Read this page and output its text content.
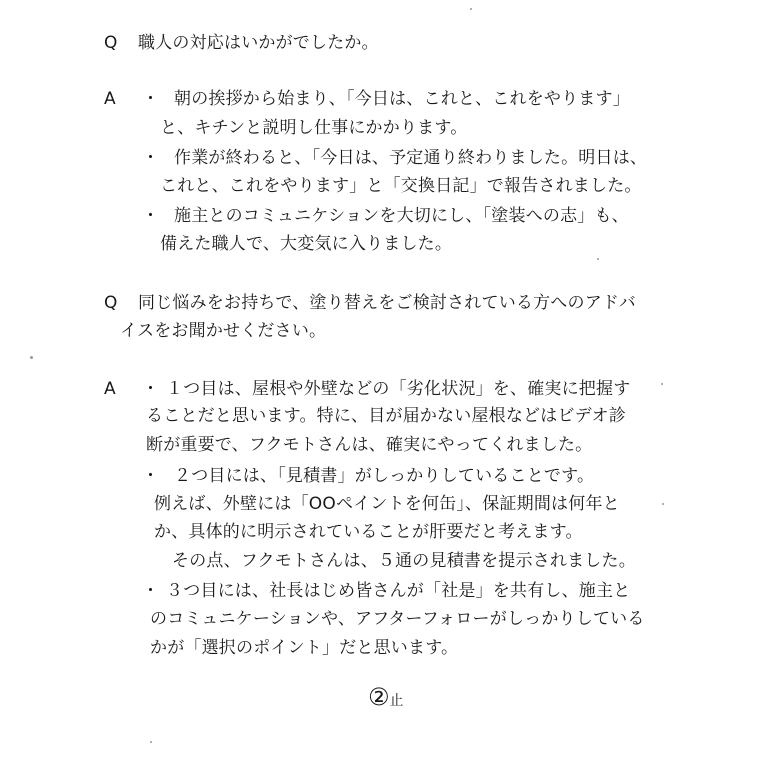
Q 職人の対応はいかがでしたか。
A ・ 朝の挨拶から始まり、「今日は、これと、これをやります」
と、キチンと説明し仕事にかかります。
・ 作業が終わると、「今日は、予定通り終わりました。明日は、
これと、これをやります」と「交換日記」で報告されました。
・ 施主とのコミュニケションを大切にし、「塗装への志」も、
備えた職人で、大変気に入りました。
Q 同じ悩みをお持ちで、塗り替えをご検討されている方へのアドバ
イスをお聞かせください。
A ・ １つ目は、屋根や外壁などの「劣化状況」を、確実に把握す
ることだと思います。特に、目が届かない屋根などはビデオ診
断が重要で、フクモトさんは、確実にやってくれました。
・ ２つ目には、「見積書」がしっかりしていることです。
例えば、外壁には「OOペイントを何缶」、保証期間は何年と
か、具体的に明示されていることが肝要だと考えます。
その点、フクモトさんは、５通の見積書を提示されました。
・ ３つ目には、社長はじめ皆さんが「社是」を共有し、施主と
のコミュニケーションや、アフターフォローがしっかりしている
かが「選択のポイント」だと思います。
②止
